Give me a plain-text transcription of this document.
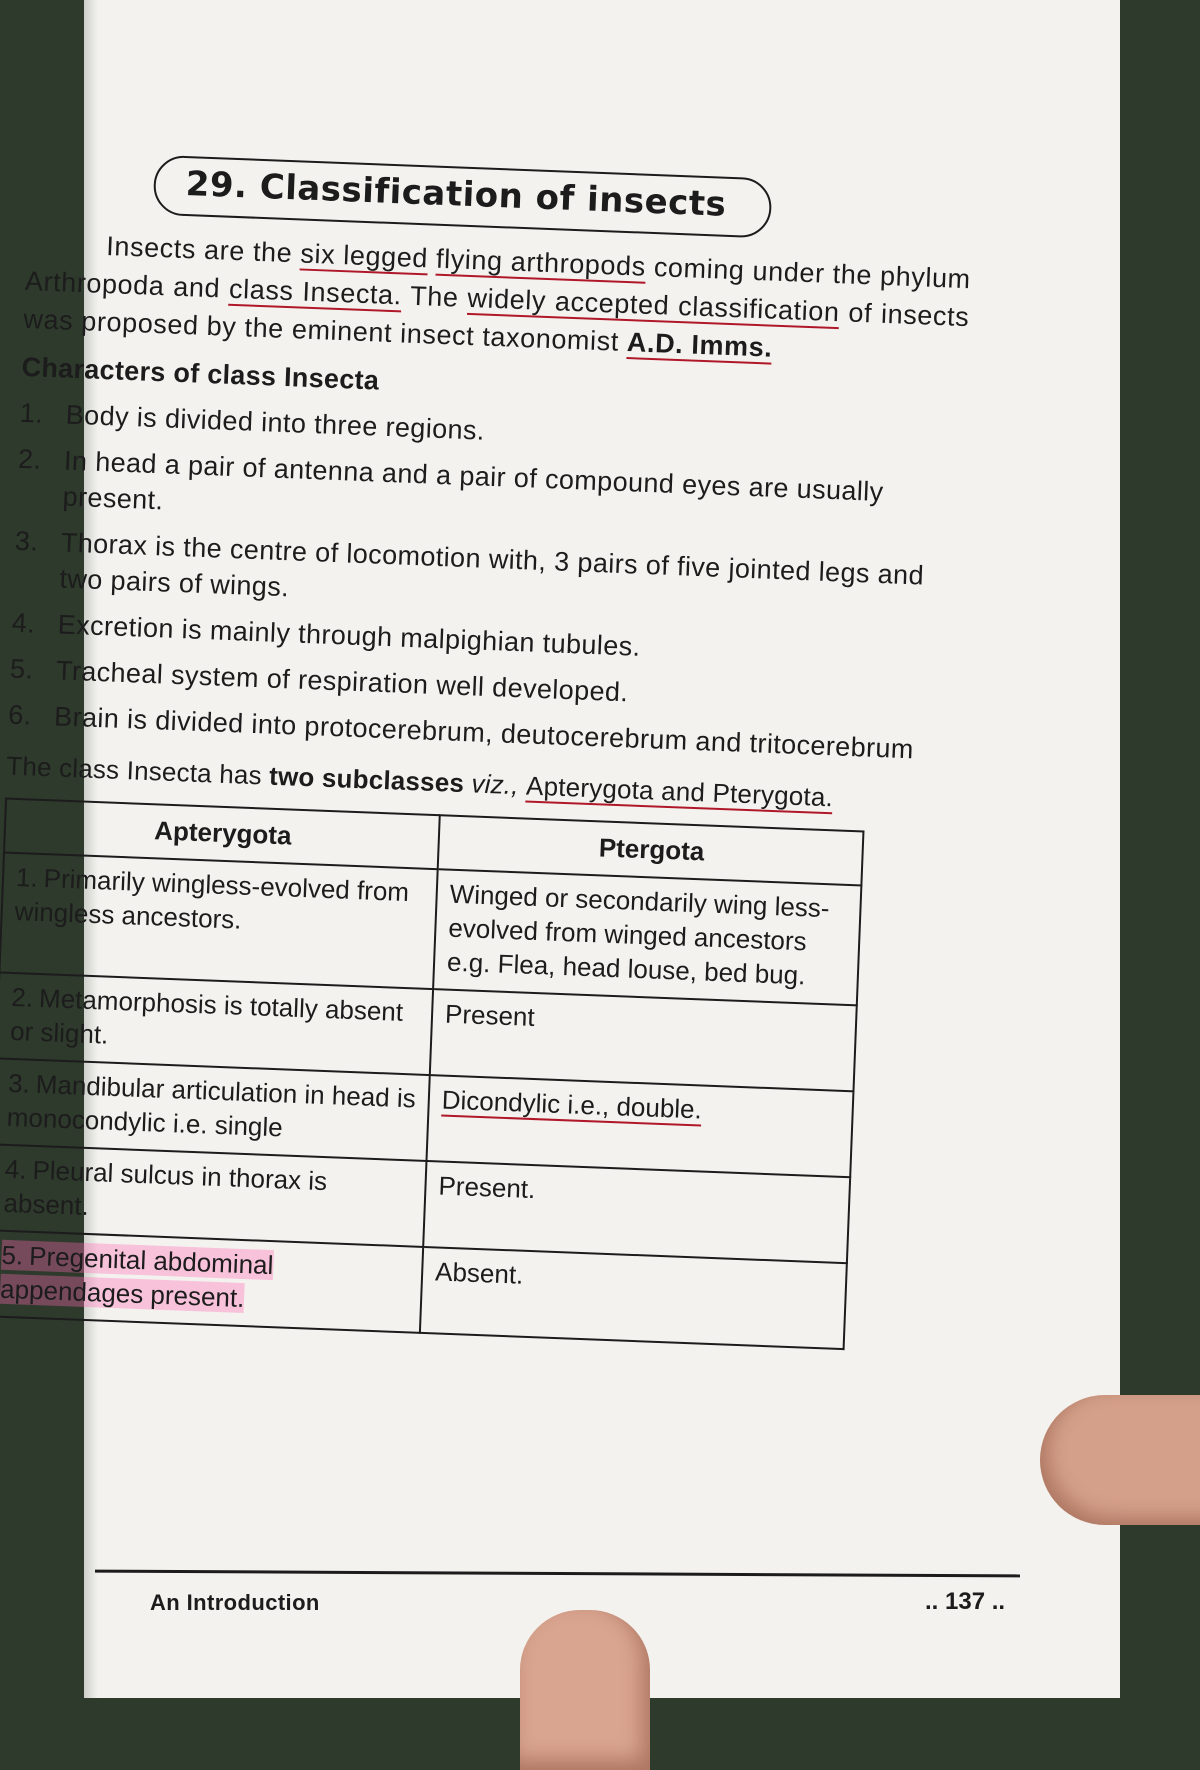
29. Classification of insects

Insects are the six legged flying arthropods coming under the phylum Arthropoda and class Insecta. The widely accepted classification of insects was proposed by the eminent insect taxonomist A.D. Imms.

Characters of class Insecta
1. Body is divided into three regions.
2. In head a pair of antenna and a pair of compound eyes are usually present.
3. Thorax is the centre of locomotion with, 3 pairs of five jointed legs and two pairs of wings.
4. Excretion is mainly through malpighian tubules.
5. Tracheal system of respiration well developed.
6. Brain is divided into protocerebrum, deutocerebrum and tritocerebrum
The class Insecta has two subclasses viz., Apterygota and Pterygota.
Apterygota	Ptergota
1. Primarily wingless-evolved from wingless ancestors.	Winged or secondarily wing less-evolved from winged ancestors e.g. Flea, head louse, bed bug.
2. Metamorphosis is totally absent or slight.	Present
3. Mandibular articulation in head is monocondylic i.e. single	Dicondylic i.e., double.
4. Pleural sulcus in thorax is absent.	Present.
5. Pregenital abdominal appendages present.	Absent.
An Introduction	.. 137 ..
